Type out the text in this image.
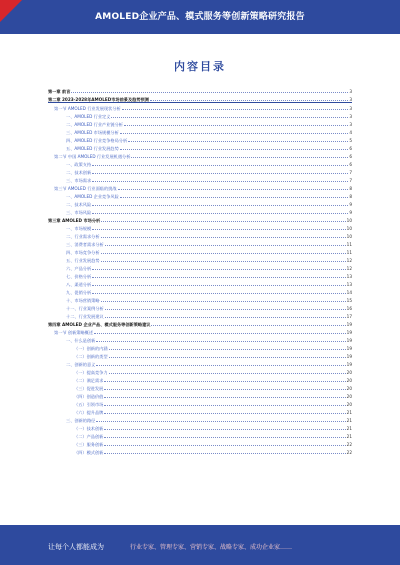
AMOLED企业产品、模式服务等创新策略研究报告
内容目录
第一章 前言	3
第二章 2023-2028年AMOLED市场前景及趋势预测	3
第一节 AMOLED 行业发展现状分析	3
一、AMOLED 行业定义	3
二、AMOLED 行业产业链分析	3
三、AMOLED 市场规模分析	4
四、AMOLED 行业竞争格局分析	5
五、AMOLED 行业发展趋势	6
第二节 中国 AMOLED 行业发展机遇分析	6
一、政策支持	6
二、技术创新	7
三、市场需求	7
第三节 AMOLED 行业面临的挑战	8
一、AMOLED 企业竞争风险	8
二、技术风险	9
三、市场风险	9
第三章 AMOLED 市场分析	10
一、市场规模	10
二、行业需求分析	10
三、消费者需求分析	11
四、市场竞争分析	11
五、行业发展趋势	12
六、产品分析	12
七、价格分析	13
八、渠道分析	13
九、促销分析	14
十、市场营销策略	15
十一、行业案例分析	16
十二、行业发展建议	17
第四章 AMOLED 企业产品、模式服务等创新策略建议	19
第一节 创新策略概述	19
一、什么是创新	19
（一）创新的内涵	19
（二）创新的类型	19
二、创新的意义	19
（一）提高竞争力	20
（二）满足需求	20
（三）促进发展	20
（四）创造价值	20
（五）引领市场	20
（六）提升品牌	21
三、创新的路径	21
（一）技术创新	21
（二）产品创新	21
（三）服务创新	22
（四）模式创新	22
让每个人都能成为	行业专家、管理专家、营销专家、战略专家、成功企业家……
